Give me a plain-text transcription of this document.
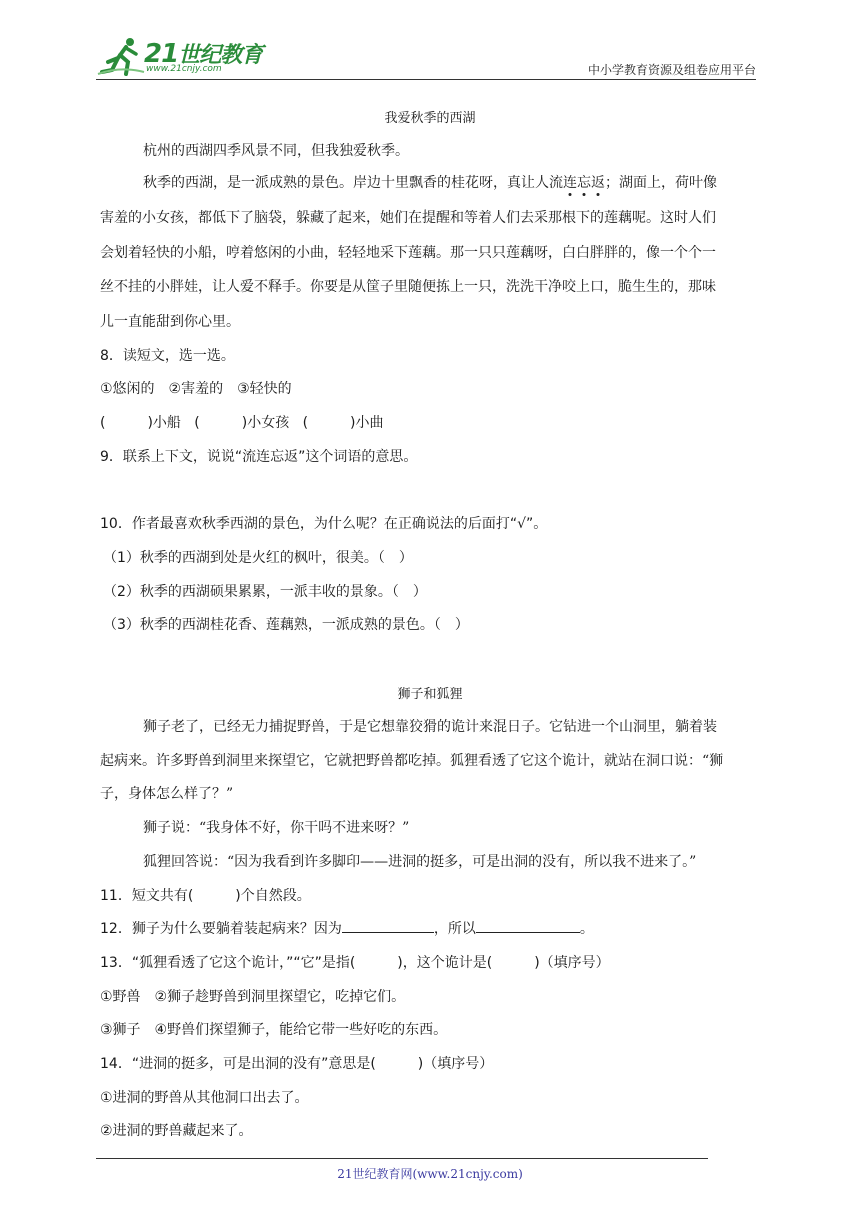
21世纪教育
www.21cnjy.com	中小学教育资源及组卷应用平台
我爱秋季的西湖
杭州的西湖四季风景不同，但我独爱秋季。
秋季的西湖，是一派成熟的景色。岸边十里飘香的桂花呀，真让人流连
忘
返
；湖面上，荷叶像
害羞的小女孩，都低下了脑袋，躲藏了起来，她们在提醒和等着人们去采那根下的莲藕呢。这时人们
会划着轻快的小船，哼着悠闲的小曲，轻轻地采下莲藕。那一只只莲藕呀，白白胖胖的，像一个个一
丝不挂的小胖娃，让人爱不释手。你要是从筐子里随便拣上一只，洗洗干净咬上口，脆生生的，那味
儿一直能甜到你心里。
8．读短文，选一选。
①悠闲的　②害羞的　③轻快的
(　　　)小船 (　　　)小女孩 (　　　)小曲
9．联系上下文，说说“流连忘返”这个词语的意思。
10．作者最喜欢秋季西湖的景色，为什么呢？在正确说法的后面打“√”。
（1）秋季的西湖到处是火红的枫叶，很美。（　）
（2）秋季的西湖硕果累累，一派丰收的景象。（　）
（3）秋季的西湖桂花香、莲藕熟，一派成熟的景色。（　）
狮子和狐狸
狮子老了，已经无力捕捉野兽，于是它想靠狡猾的诡计来混日子。它钻进一个山洞里，躺着装
起病来。许多野兽到洞里来探望它，它就把野兽都吃掉。狐狸看透了它这个诡计，就站在洞口说：“狮
子，身体怎么样了？”
狮子说：“我身体不好，你干吗不进来呀？”
狐狸回答说：“因为我看到许多脚印——进洞的挺多，可是出洞的没有，所以我不进来了。”
11．短文共有(　　　)个自然段。
12．狮子为什么要躺着装起病来？因为	，所以	。
13．“狐狸看透了它这个诡计，”“它”是指(　　　)，这个诡计是(　　　)（填序号）
①野兽　②狮子趁野兽到洞里探望它，吃掉它们。
③狮子　④野兽们探望狮子，能给它带一些好吃的东西。
14．“进洞的挺多，可是出洞的没有”意思是(　　　)（填序号）
①进洞的野兽从其他洞口出去了。
②进洞的野兽藏起来了。
21世纪教育网(www.21cnjy.com)
